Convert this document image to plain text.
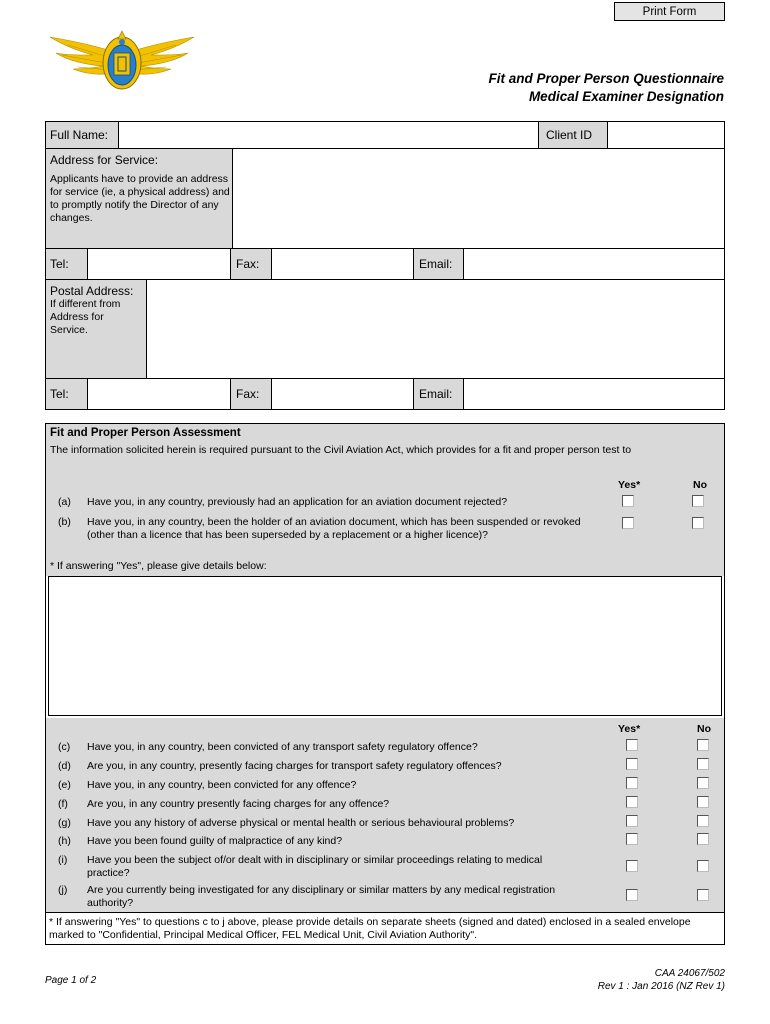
Print Form
Fit and Proper Person Questionnaire
Medical Examiner Designation
Full Name:	Client ID
Address for Service:
Applicants have to provide an address for service (ie, a physical address) and to promptly notify the Director of any changes.
Tel:	Fax:	Email:
Postal Address:
If different from Address for Service.
Tel:	Fax:	Email:
Fit and Proper Person Assessment
The information solicited herein is required pursuant to the Civil Aviation Act, which provides for a fit and proper person test to
Yes*	No
(a) Have you, in any country, previously had an application for an aviation document rejected?
(b) Have you, in any country, been the holder of an aviation document, which has been suspended or revoked (other than a licence that has been superseded by a replacement or a higher licence)?
* If answering "Yes", please give details below:
Yes*	No
(c) Have you, in any country, been convicted of any transport safety regulatory offence?
(d) Are you, in any country, presently facing charges for transport safety regulatory offences?
(e) Have you, in any country, been convicted for any offence?
(f) Are you, in any country presently facing charges for any offence?
(g) Have you any history of adverse physical or mental health or serious behavioural problems?
(h) Have you been found guilty of malpractice of any kind?
(i) Have you been the subject of/or dealt with in disciplinary or similar proceedings relating to medical practice?
(j) Are you currently being investigated for any disciplinary or similar matters by any medical registration authority?
* If answering "Yes" to questions c to j above, please provide details on separate sheets (signed and dated) enclosed in a sealed envelope marked to "Confidential, Principal Medical Officer, FEL Medical Unit, Civil Aviation Authority".
Page 1 of 2
CAA 24067/502
Rev 1 : Jan 2016 (NZ Rev 1)
